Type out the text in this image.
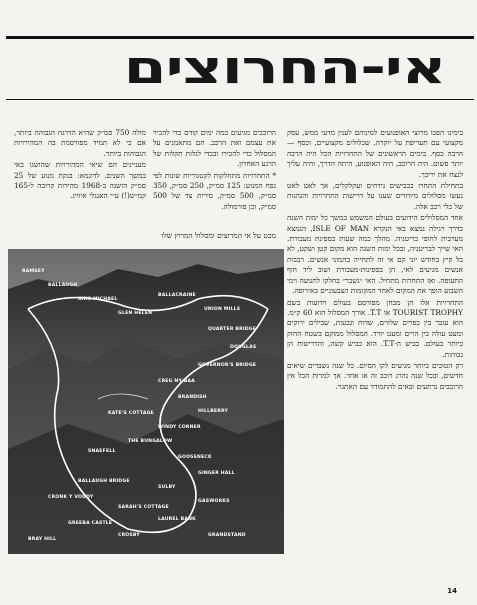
אי-החרוצים

בימינו הפכו מרוצי האופנועים למיניהם לענין מדעי ממש, עסק מקצועי עם תעריפת על יוקרה, שכלולים מקצועיים, וכסף — הרבה כסף. בימים הראשונים של התחרויות הכל היה הרבה יותר פשוט. היה הרוכב, היה האופנוע, היתה הדרך, והיה עליך לנצח את יריבך.

בתחילת התחרו בכבישים נידחים ועקלקלים, אך לאט לאט נעשו מסלולים מיוחדים שענו על דרישות התחרויות והנהגות של כלי רכב אלה.

אחד המסלולים הידועים בעולם המשמש במשך כל ימות השנה כדרך רגילה נמצא באי הנקרא ISLE OF MAN, הנמצא מערבית לחופי בריטניה. מהלך כמה שעות בספינת מעבורת. האי שייך לבריטניה, ובכל ימות השנה הוא מקום קטן ושקט, לא כל קיץ בחודש יוני קם אי זה לתחייה בהמוני אנשים. רבבות אנשים מגיעים לאי, הן בספינות-מעבורת ושוב ליד חוף התעופה. ואז התחרות מתחיל. האי ״נשבר״ בחלקו לתנועה וימי השבוע הופך את המקום לאחד המקומות הצבעוניים באירופה.

התחרויות אלו הן מבחן מפורסם בעולם וידועות בשם TOURIST TROPHY או T.T. אורך המסלול הוא 60 ק״מ. הוא עובר בין כפרים שלווים, שדות וגבעות, שבילים ירוקים ומעט עולה בין הרים ומעט יורד. המסלול ממוקם בשטח החזק ביותר בעולם. כביש ה-T.T. הוא כביש קשה, והדרישות הן גבוהות.

רק הטובים ביותר מגיעים לקו הסיום. כל שנה נשברים שיאים חדשים, ובכל שנה נהרג רוכב זה או אחר. אך למרות הכל אין הרוכבים נרתעים ובאים להתמודד עם האתגר.

הרוכבים מגיעים כמה ימים קודם כדי להכיר את עצמם ואת הרכב. הם מתאמנים על המסלול כדי להכירו ובכדי לגלות תקלות של הרגע האחרון.

* התחרויות מתחלקות לקטגוריות שונות לפי נפח המנוע: 125 סמ״ק, 250 סמ״ק, 350 סמ״ק, 500 סמ״ק, סירות צד של 500 סמ״ק, וכן פורמולה.

מולה 750 סמ״ק שהיא הדרגה הגבוהה ביותר, אם כי לא תמיד מפורסמת בה המהירויות הגבוהות ביותר.

מעניינים הם שיאי המהירויות שהושגו באי במשך השנים. לדוגמא: בנקת מנוע של 25 סמ״ק הושגה ב-1968 מהירות קרובה ל-165 קמ״ש(!) ע״י האנגלי איוויג.

מבט על אי המרוצים ומסלול המרוץ שלו
RAMSEY
BALLAUGH
KIRK MICHAEL
GLEN HELEN
BALLACRAINE
UNION MILLS
QUARTER BRIDGE
DOUGLAS
GOVERNOR'S BRIDGE
CREG NY BAA
BRANDISH
HILLBERRY
KATE'S COTTAGE
WINDY CORNER
THE BUNGALOW
SNAEFELL
GOOSENECK
GINGER HALL
SULBY
BALLAUGH BRIDGE
CRONK Y VODDY
SARAH'S COTTAGE
LAUREL BANK
GREEBA CASTLE
CROSBY
BRAY HILL
GASWORKS
GRANDSTAND
14
